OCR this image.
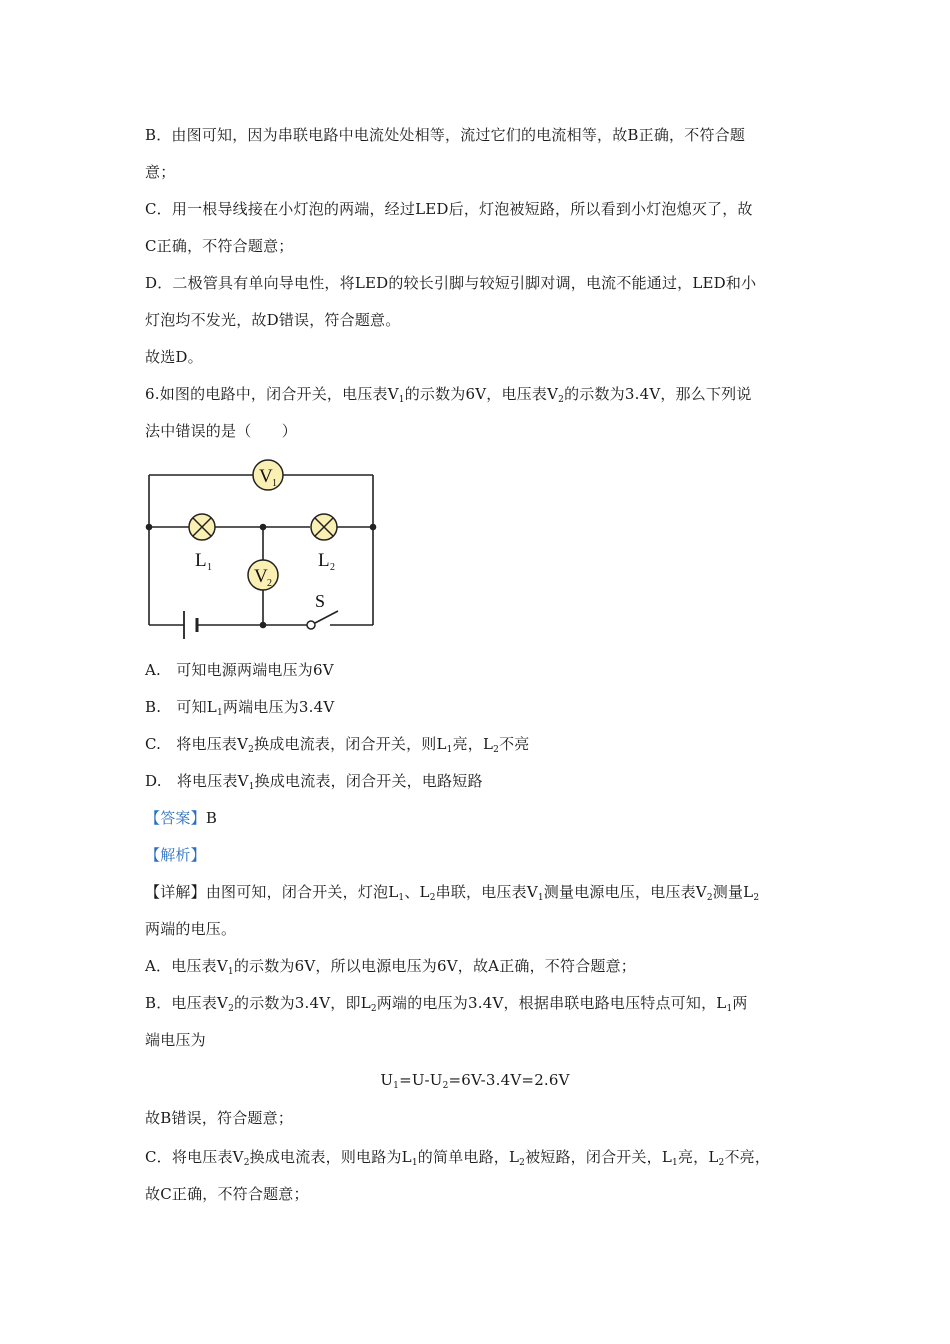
B．由图可知，因为串联电路中电流处处相等，流过它们的电流相等，故B正确，不符合题
意；
C．用一根导线接在小灯泡的两端，经过LED后，灯泡被短路，所以看到小灯泡熄灭了，故
C正确，不符合题意；
D．二极管具有单向导电性，将LED的较长引脚与较短引脚对调，电流不能通过，LED和小
灯泡均不发光，故D错误，符合题意。
故选D。
6.如图的电路中，闭合开关，电压表$V_1$的示数为6V，电压表$V_2$的示数为3.4V，那么下列说
法中错误的是（　　）
V 1
L 1	L 2
V 2
S
A.　可知电源两端电压为6V
B.　可知$L_1$两端电压为3.4V
C.　将电压表$V_2$换成电流表，闭合开关，则$L_1$亮，$L_2$不亮
D.　将电压表$V_1$换成电流表，闭合开关，电路短路
【答案】B
【解析】
【详解】由图可知，闭合开关，灯泡$L_1$、$L_2$串联，电压表$V_1$测量电源电压，电压表$V_2$测量$L_2$
两端的电压。
A．电压表$V_1$的示数为6V，所以电源电压为6V，故A正确，不符合题意；
B．电压表$V_2$的示数为3.4V，即$L_2$两端的电压为3.4V，根据串联电路电压特点可知，$L_1$两
端电压为
$U_1=U-U_2=6V-3.4V=2.6V$
故B错误，符合题意；
C．将电压表$V_2$换成电流表，则电路为$L_1$的简单电路，$L_2$被短路，闭合开关，$L_1$亮，$L_2$不亮，
故C正确，不符合题意；
